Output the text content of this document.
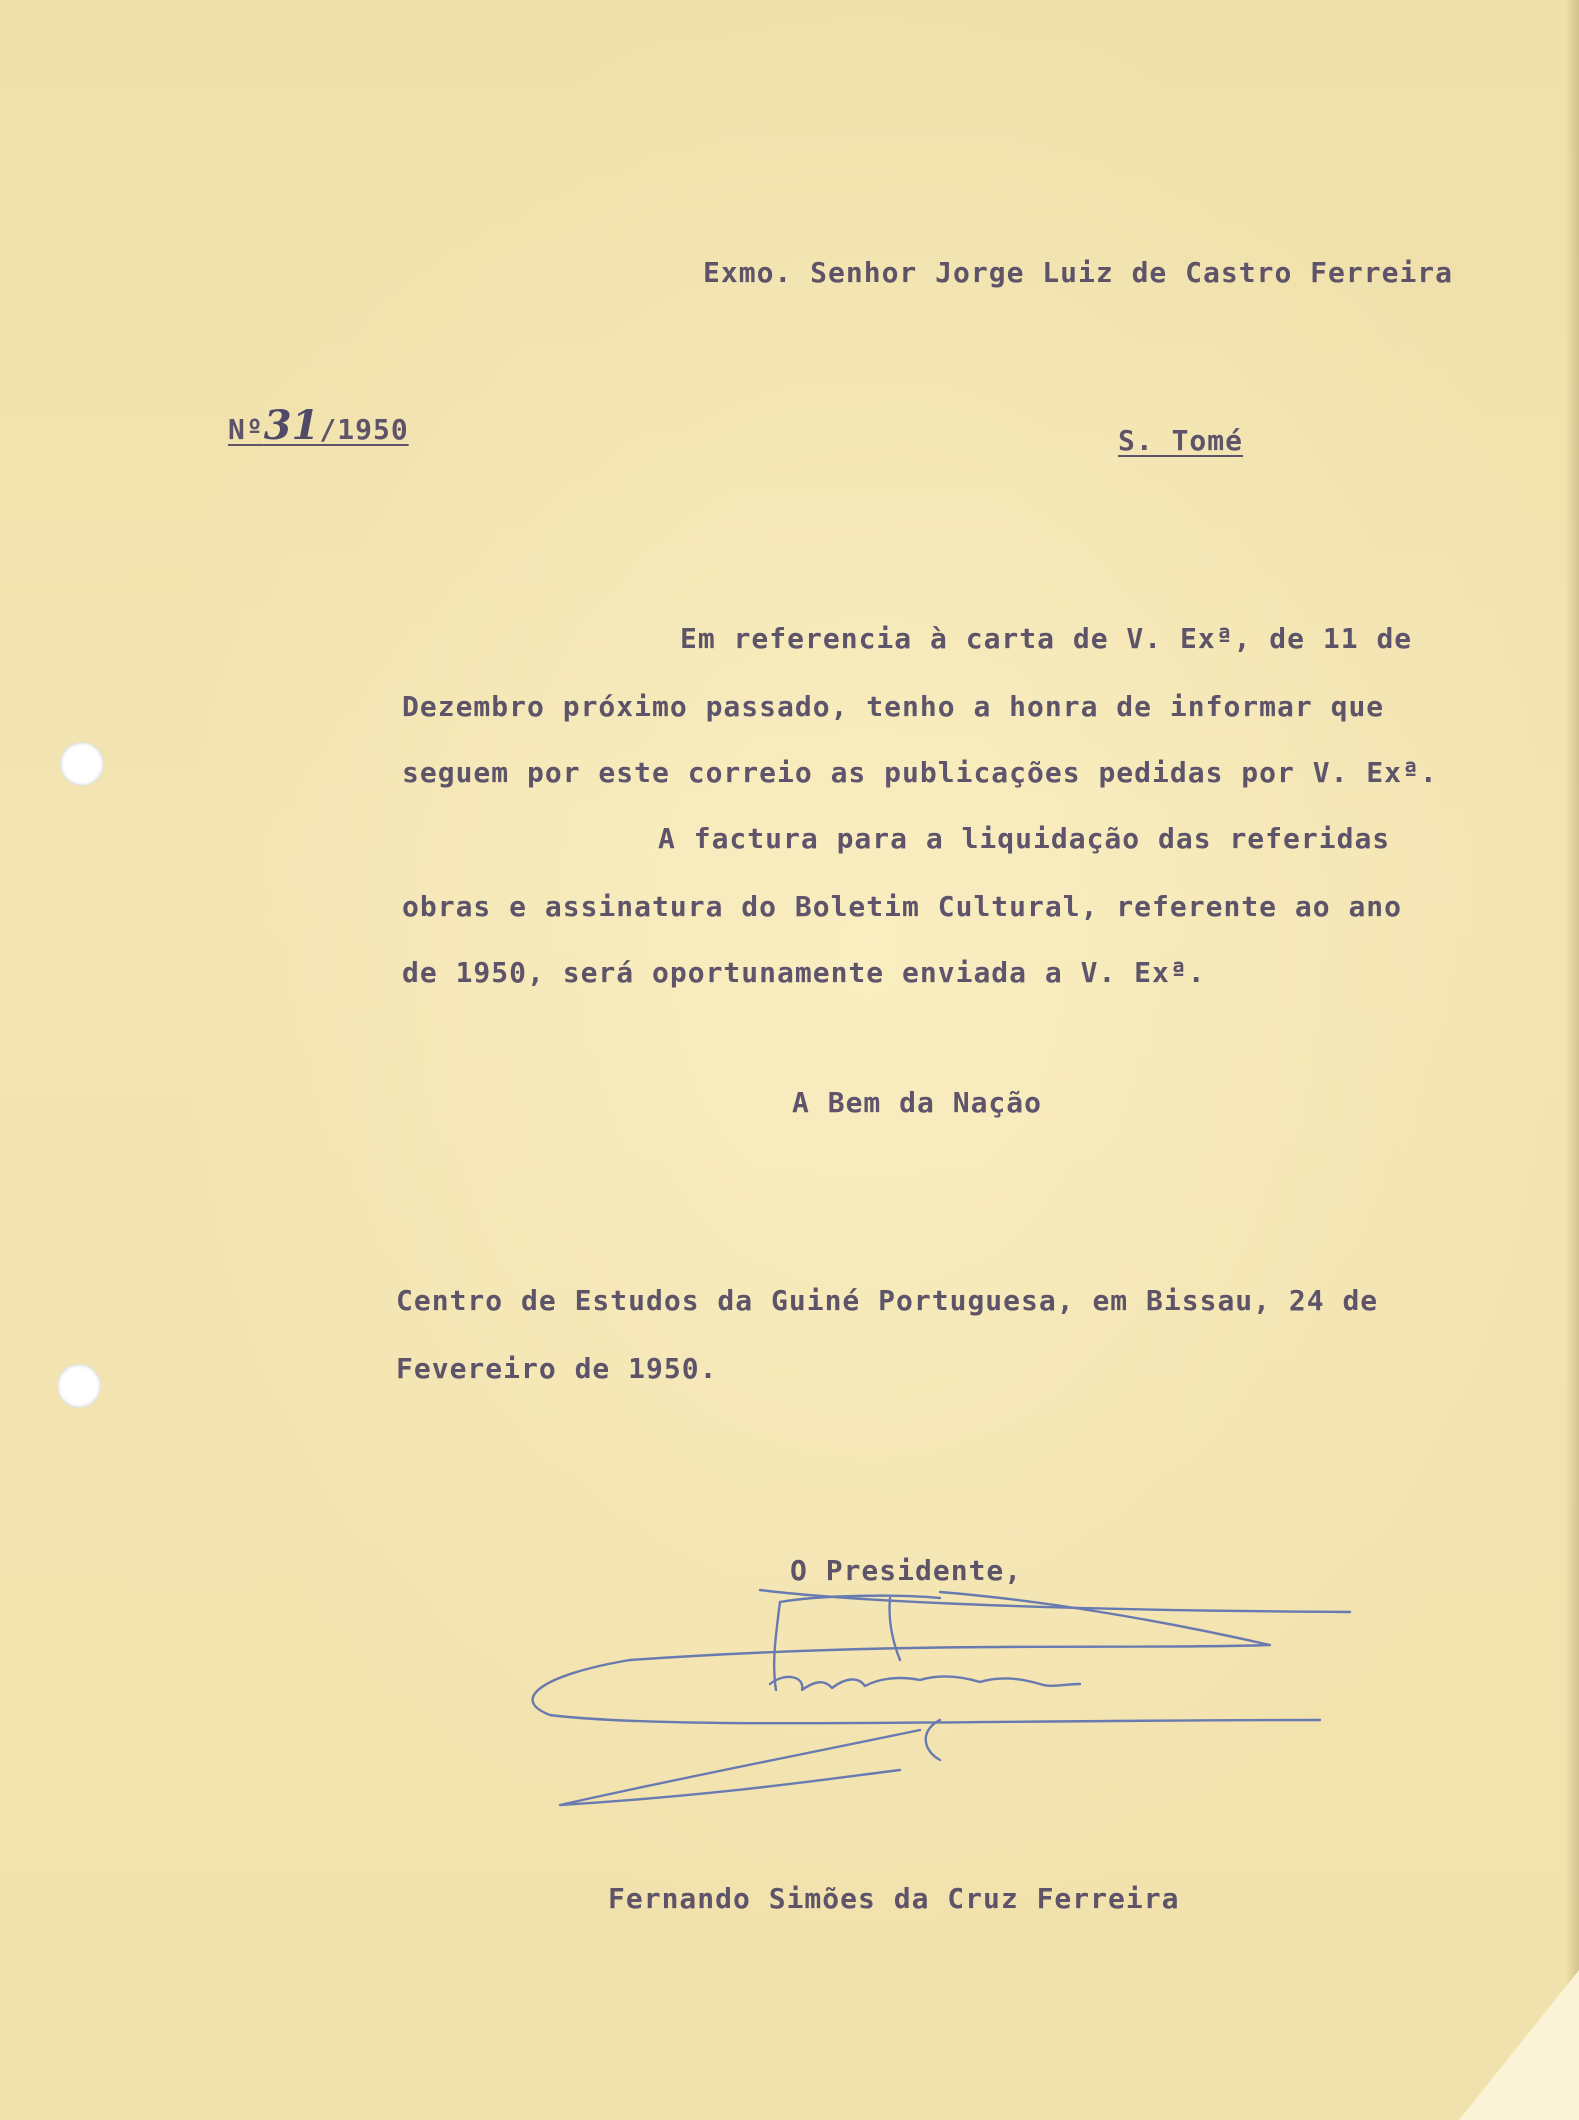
Exmo. Senhor Jorge Luiz de Castro Ferreira

Nº31/1950	S. Tomé

Em referencia à carta de V. Exª, de 11 de

Dezembro próximo passado, tenho a honra de informar que

seguem por este correio as publicações pedidas por V. Exª.

A factura para a liquidação das referidas

obras e assinatura do Boletim Cultural, referente ao ano

de 1950, será oportunamente enviada a V. Exª.

A Bem da Nação

Centro de Estudos da Guiné Portuguesa, em Bissau, 24 de

Fevereiro de 1950.

O Presidente,

Fernando Simões da Cruz Ferreira
